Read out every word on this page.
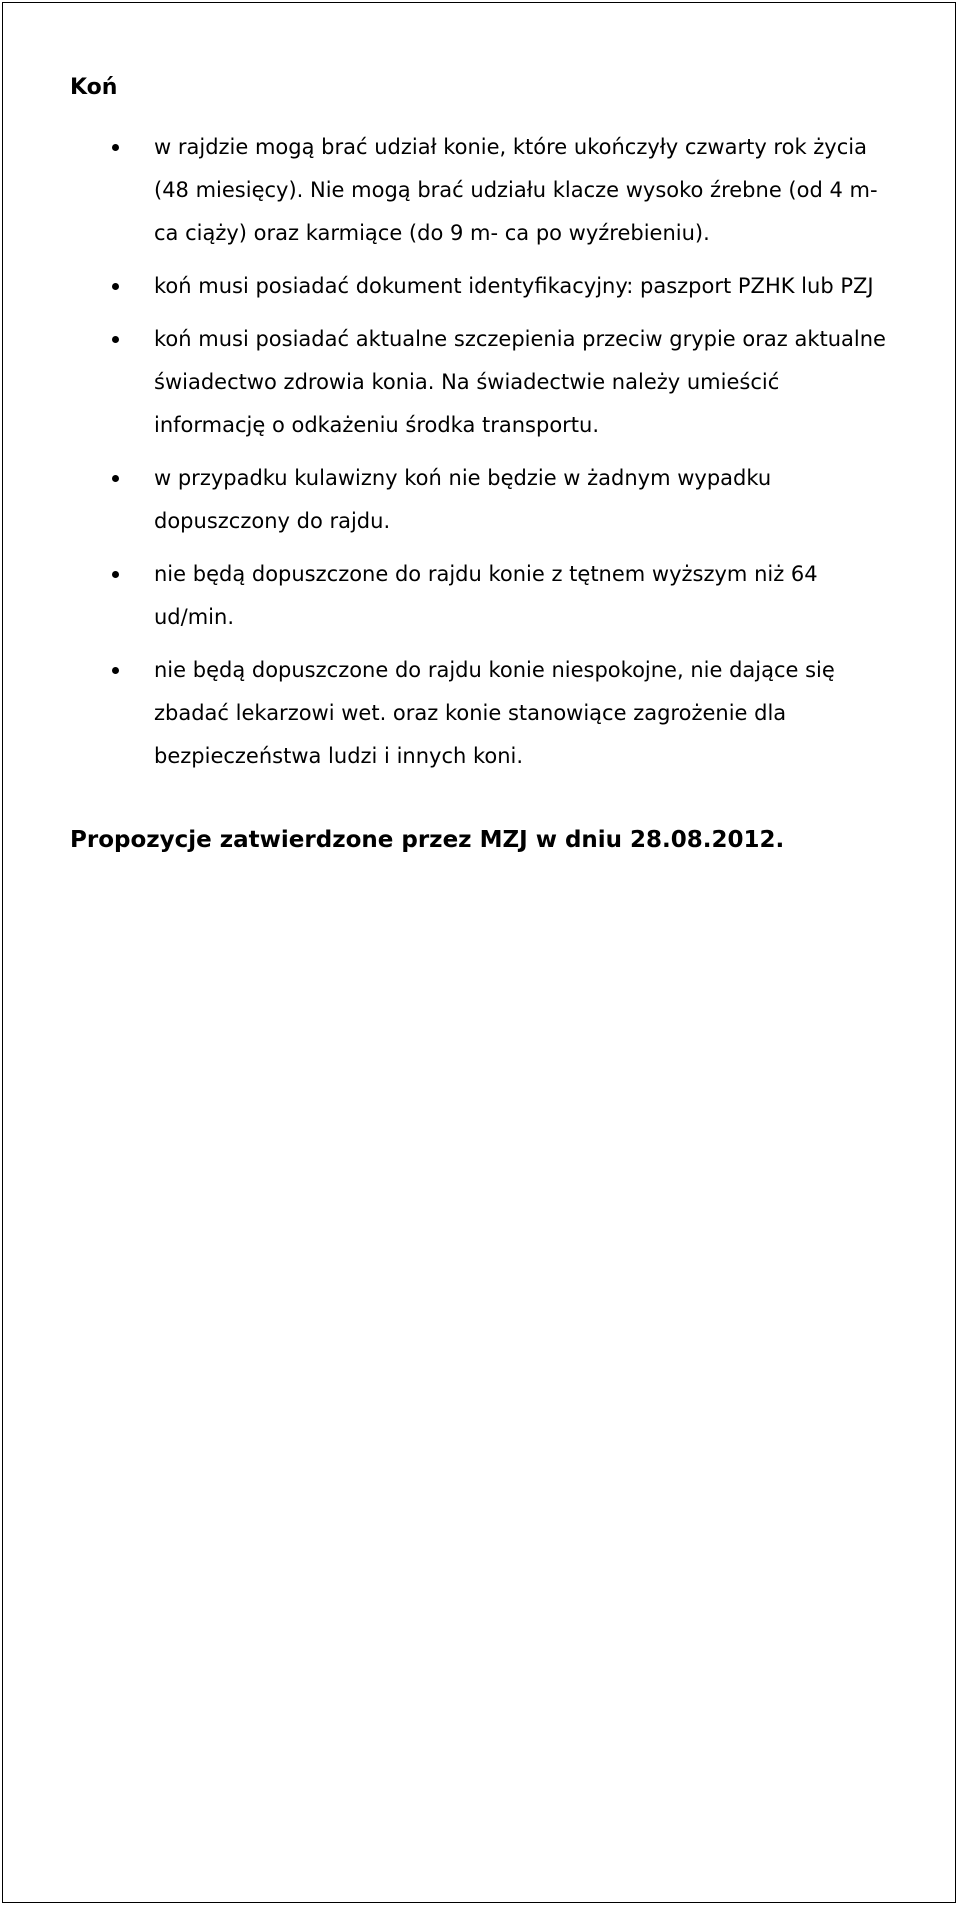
Koń
w rajdzie mogą brać udział konie, które ukończyły czwarty rok życia (48 miesięcy). Nie mogą brać udziału klacze wysoko źrebne (od 4 m-ca ciąży) oraz karmiące (do 9 m- ca po wyźrebieniu).
koń musi posiadać dokument identyfikacyjny: paszport PZHK lub PZJ
koń musi posiadać aktualne szczepienia przeciw grypie oraz aktualne świadectwo zdrowia konia. Na świadectwie należy umieścić informację o odkażeniu środka transportu.
w przypadku kulawizny koń nie będzie w żadnym wypadku dopuszczony do rajdu.
nie będą dopuszczone do rajdu konie z tętnem wyższym niż 64 ud/min.
nie będą dopuszczone do rajdu konie niespokojne, nie dające się zbadać lekarzowi wet. oraz konie stanowiące zagrożenie dla bezpieczeństwa ludzi i innych koni.

Propozycje zatwierdzone przez MZJ w dniu 28.08.2012.
